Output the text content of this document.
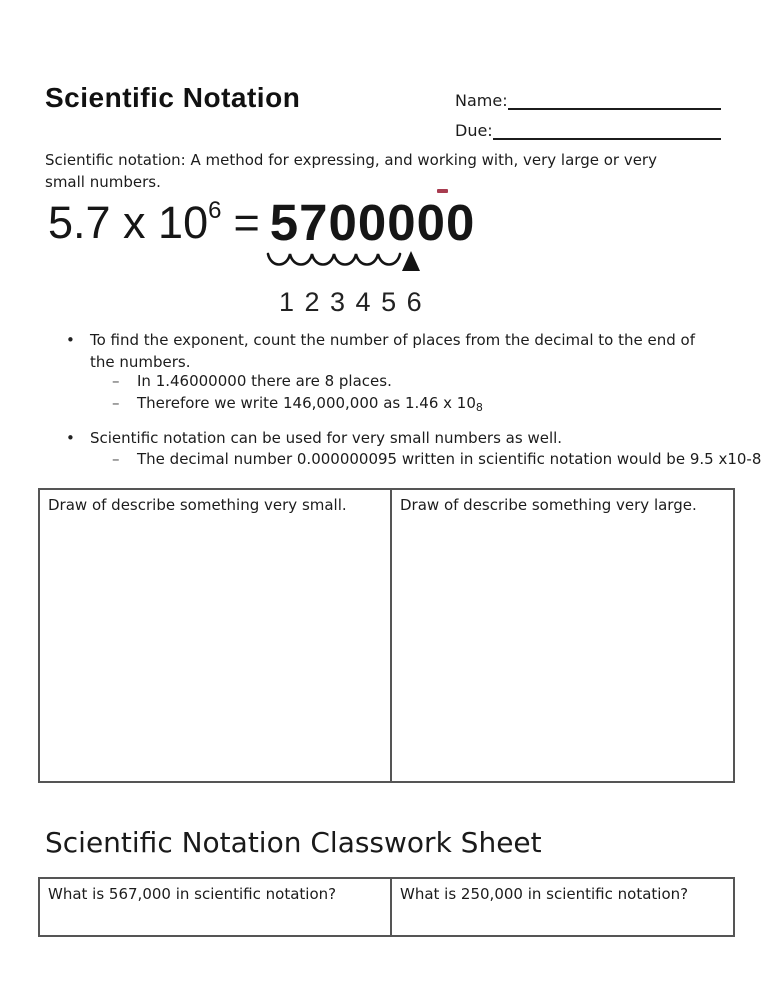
Scientific Notation	Name:
Due:
Scientific notation: A method for expressing, and working with, very large or very small numbers.
5.7 x 10 6 = 5700000
1 2 3 4 5 6
• To find the exponent, count the number of places from the decimal to the end of the numbers.
– In 1.46000000 there are 8 places.
– Therefore we write 146,000,000 as 1.46 x $10_8$
• Scientific notation can be used for very small numbers as well.
– The decimal number 0.000000095 written in scientific notation would be 9.5 x10-8
Draw of describe something very small.	Draw of describe something very large.
Scientific Notation Classwork Sheet
What is 567,000 in scientific notation?	What is 250,000 in scientific notation?
